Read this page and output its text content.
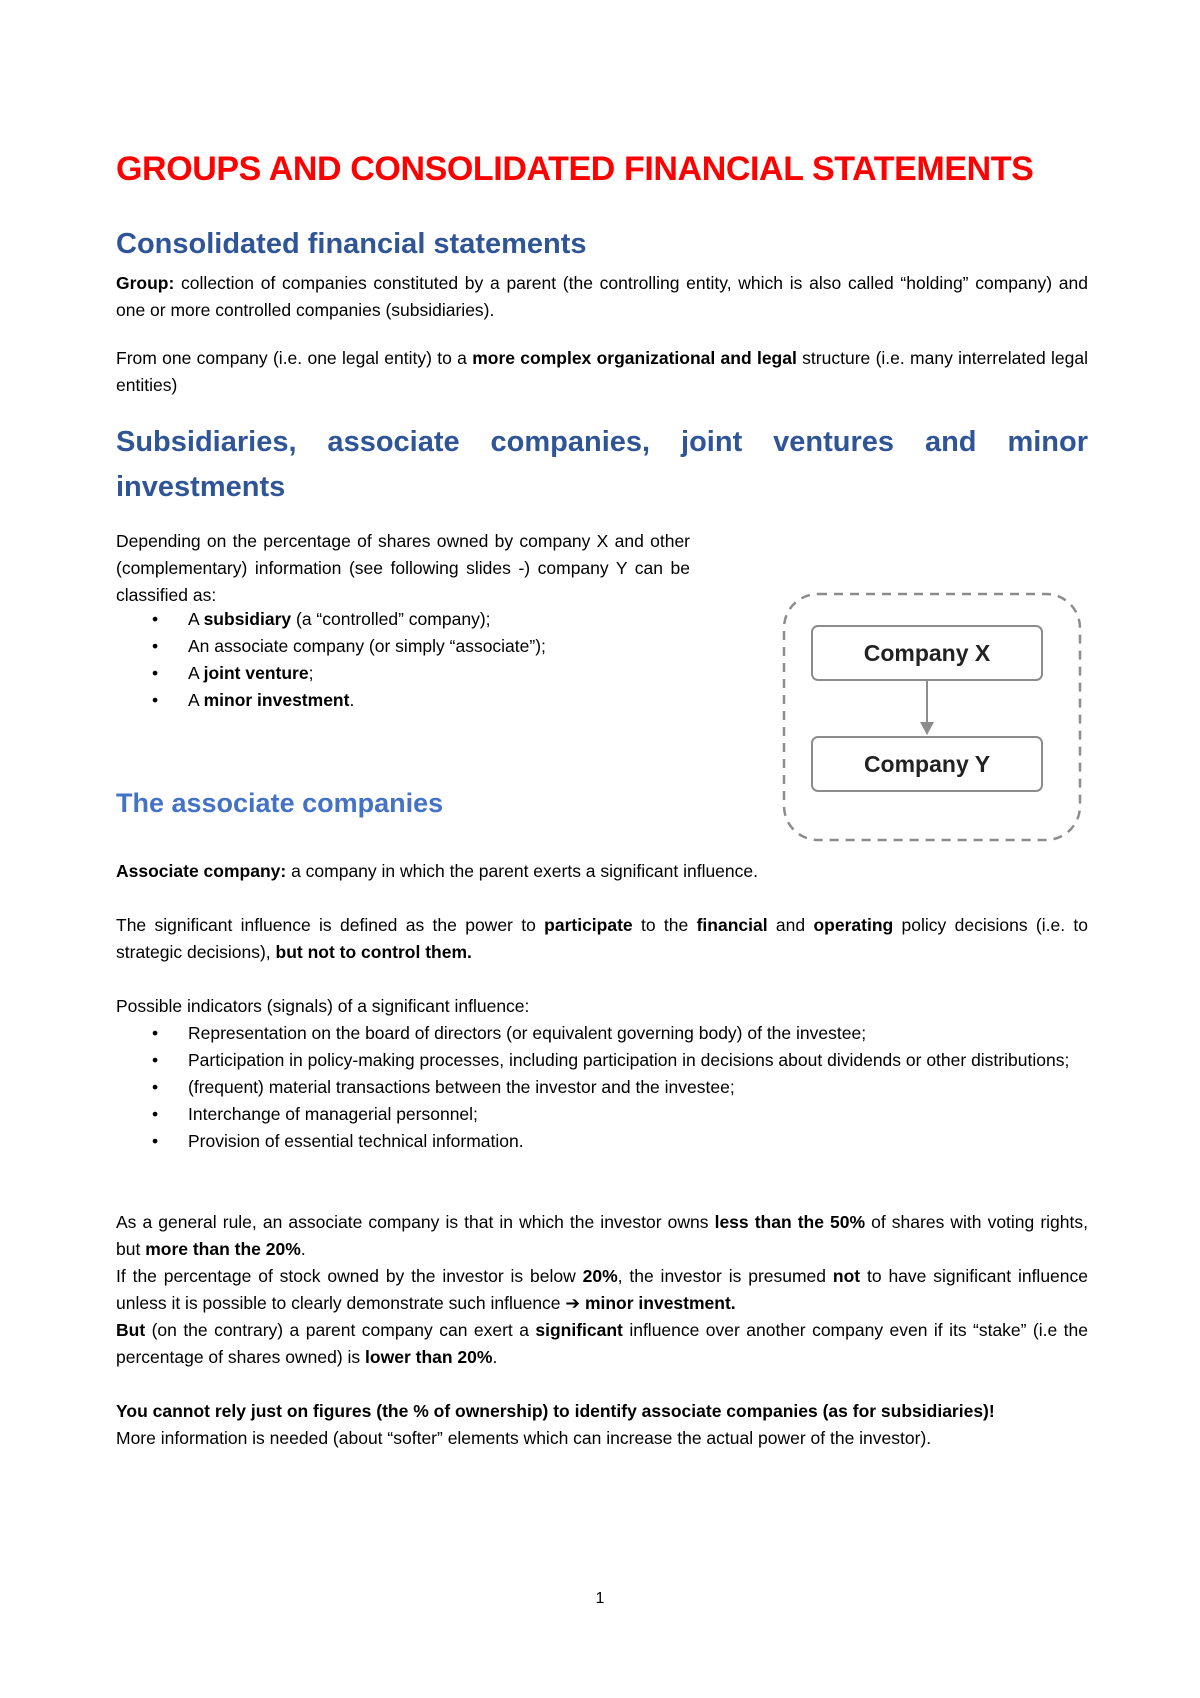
GROUPS AND CONSOLIDATED FINANCIAL STATEMENTS
Consolidated financial statements
Group: collection of companies constituted by a parent (the controlling entity, which is also called “holding” company) and one or more controlled companies (subsidiaries).
From one company (i.e. one legal entity) to a more complex organizational and legal structure (i.e. many interrelated legal entities)
Subsidiaries, associate companies, joint ventures and minor investments
Depending on the percentage of shares owned by company X and other (complementary) information (see following slides -) company Y can be classified as:
• A subsidiary (a “controlled” company);
• An associate company (or simply “associate”);
• A joint venture;
• A minor investment.
Company X
Company Y
The associate companies
Associate company: a company in which the parent exerts a significant influence.
The significant influence is defined as the power to participate to the financial and operating policy decisions (i.e. to strategic decisions), but not to control them.
Possible indicators (signals) of a significant influence:
• Representation on the board of directors (or equivalent governing body) of the investee;
• Participation in policy-making processes, including participation in decisions about dividends or other distributions;
• (frequent) material transactions between the investor and the investee;
• Interchange of managerial personnel;
• Provision of essential technical information.
As a general rule, an associate company is that in which the investor owns less than the 50% of shares with voting rights, but more than the 20%.
If the percentage of stock owned by the investor is below 20%, the investor is presumed not to have significant influence unless it is possible to clearly demonstrate such influence ➔ minor investment.
But (on the contrary) a parent company can exert a significant influence over another company even if its “stake” (i.e the percentage of shares owned) is lower than 20%.
You cannot rely just on figures (the % of ownership) to identify associate companies (as for subsidiaries)!
More information is needed (about “softer” elements which can increase the actual power of the investor).
1
